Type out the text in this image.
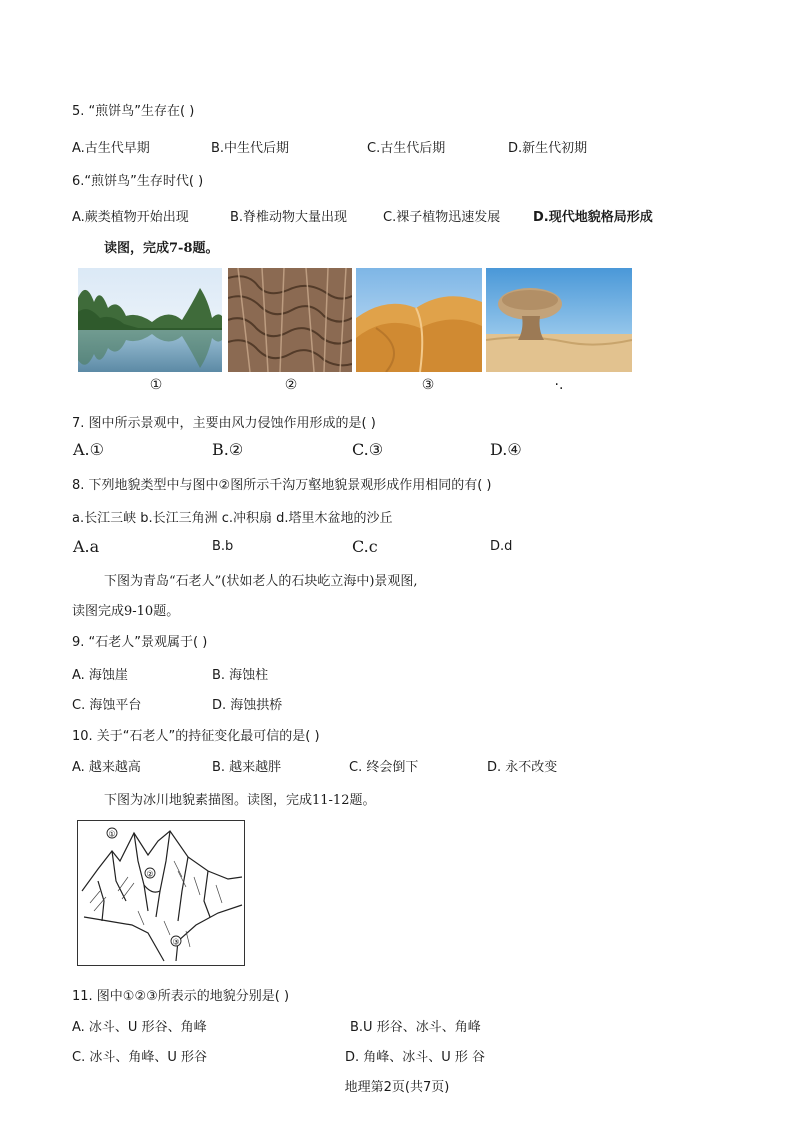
5. “煎饼鸟”生存在( )
A.古生代早期	B.中生代后期	C.古生代后期	D.新生代初期
6.“煎饼鸟”生存时代( )
A.蕨类植物开始出现	B.脊椎动物大量出现	C.裸子植物迅速发展	D.现代地貌格局形成
读图，完成7-8题。
①	②	③	·.
7. 图中所示景观中，主要由风力侵蚀作用形成的是( )
A.①	B.②	C.③	D.④
8. 下列地貌类型中与图中②图所示千沟万壑地貌景观形成作用相同的有( )
a.长江三峡 b.长江三角洲 c.冲积扇 d.塔里木盆地的沙丘
A.a	B.b	C.c	D.d
下图为青岛“石老人”(状如老人的石块屹立海中)景观图,
读图完成9-10题。
9. “石老人”景观属于( )
A. 海蚀崖	B. 海蚀柱
C. 海蚀平台	D. 海蚀拱桥
10. 关于“石老人”的持征变化最可信的是( )
A. 越来越高	B. 越来越胖	C. 终会倒下	D. 永不改变
下图为冰川地貌素描图。读图，完成11-12题。
①
②
③
11. 图中①②③所表示的地貌分别是( )
A. 冰斗、U 形谷、角峰	B.U 形谷、冰斗、角峰
C. 冰斗、角峰、U 形谷	D. 角峰、冰斗、U 形 谷
地理第2页(共7页)
